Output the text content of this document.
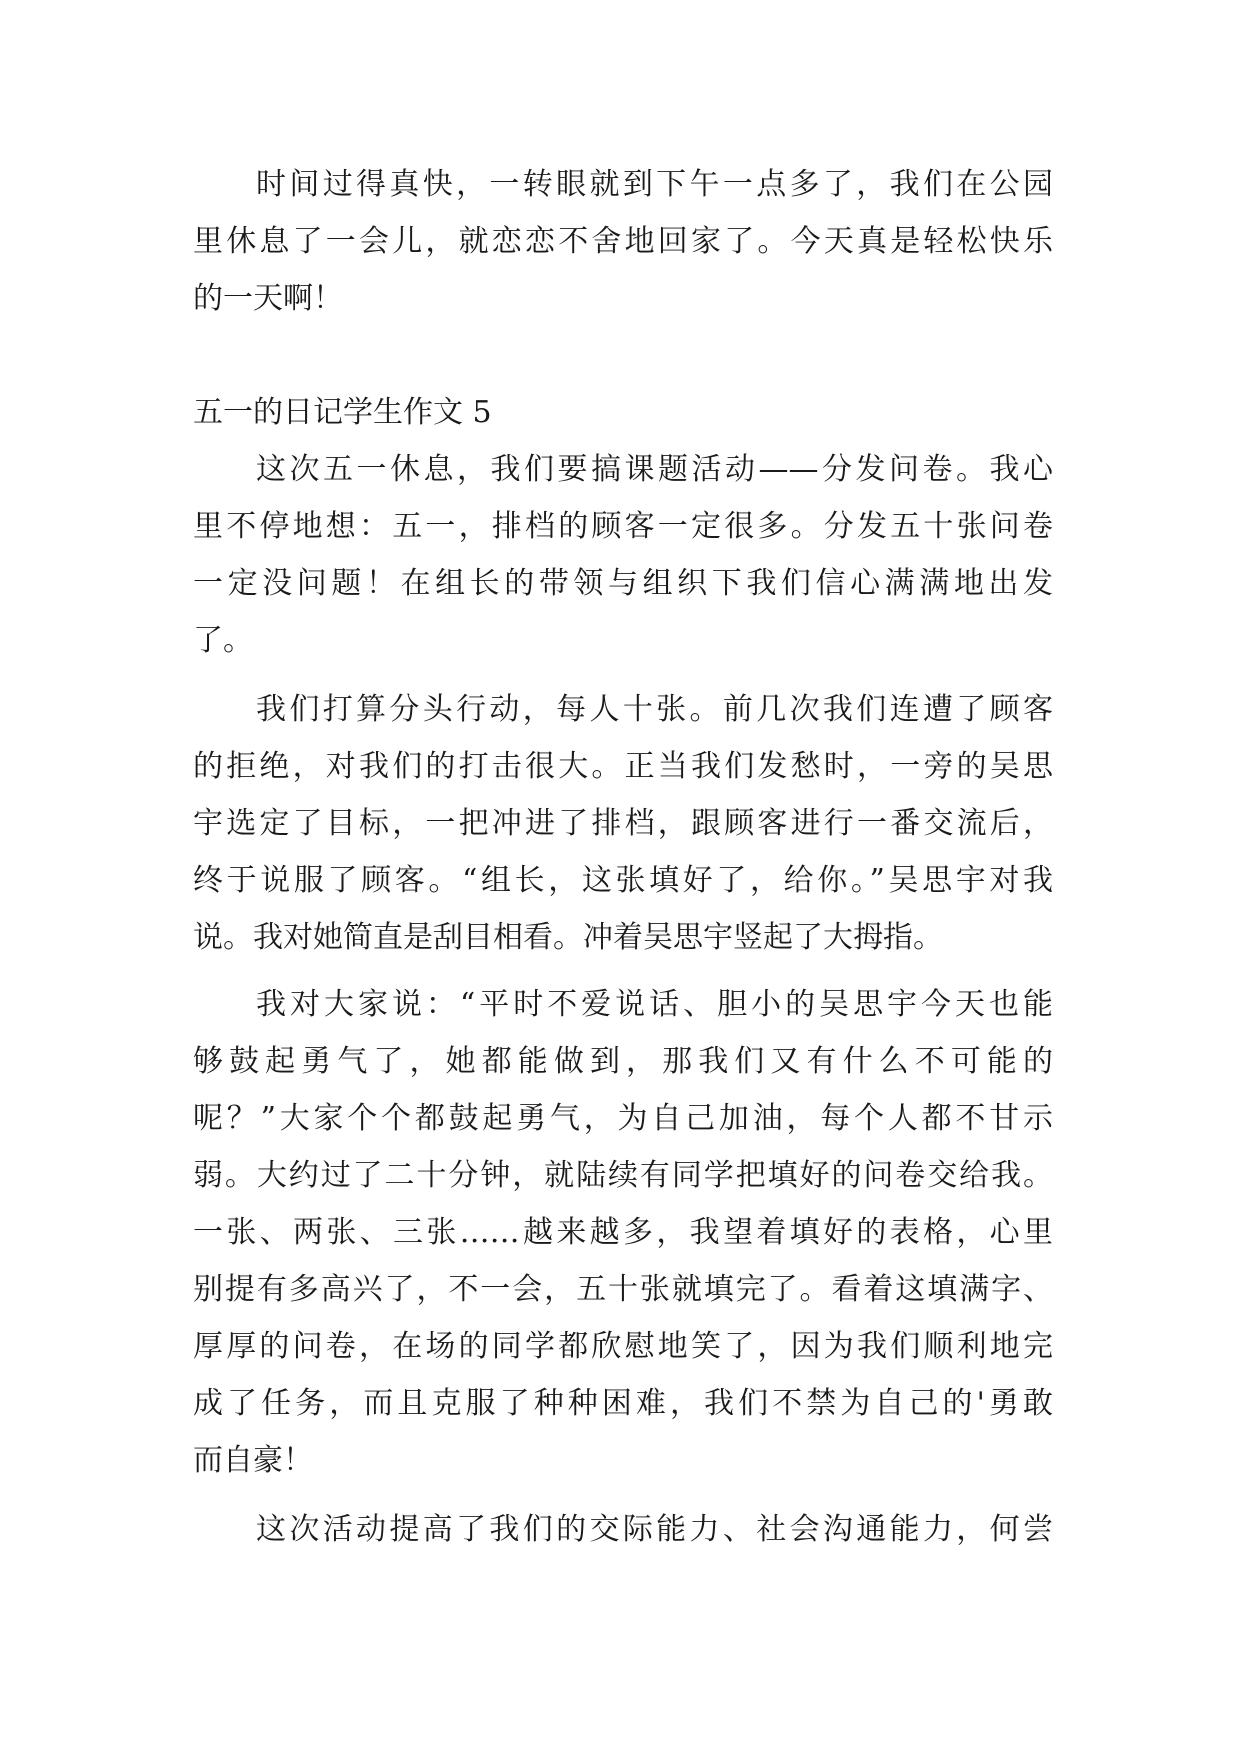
时间过得真快，一转眼就到下午一点多了，我们在公园
里休息了一会儿，就恋恋不舍地回家了。今天真是轻松快乐
的一天啊！
五一的日记学生作文 5
这次五一休息，我们要搞课题活动——分发问卷。我心
里不停地想：五一，排档的顾客一定很多。分发五十张问卷
一定没问题！在组长的带领与组织下我们信心满满地出发
了。
我们打算分头行动，每人十张。前几次我们连遭了顾客
的拒绝，对我们的打击很大。正当我们发愁时，一旁的吴思
宇选定了目标，一把冲进了排档，跟顾客进行一番交流后，
终于说服了顾客。“组长，这张填好了，给你。”吴思宇对我
说。我对她简直是刮目相看。冲着吴思宇竖起了大拇指。
我对大家说：“平时不爱说话、胆小的吴思宇今天也能
够鼓起勇气了，她都能做到，那我们又有什么不可能的
呢？”大家个个都鼓起勇气，为自己加油，每个人都不甘示
弱。大约过了二十分钟，就陆续有同学把填好的问卷交给我。
一张、两张、三张……越来越多，我望着填好的表格，心里
别提有多高兴了，不一会，五十张就填完了。看着这填满字、
厚厚的问卷，在场的同学都欣慰地笑了，因为我们顺利地完
成了任务，而且克服了种种困难，我们不禁为自己的'勇敢
而自豪！
这次活动提高了我们的交际能力、社会沟通能力，何尝
